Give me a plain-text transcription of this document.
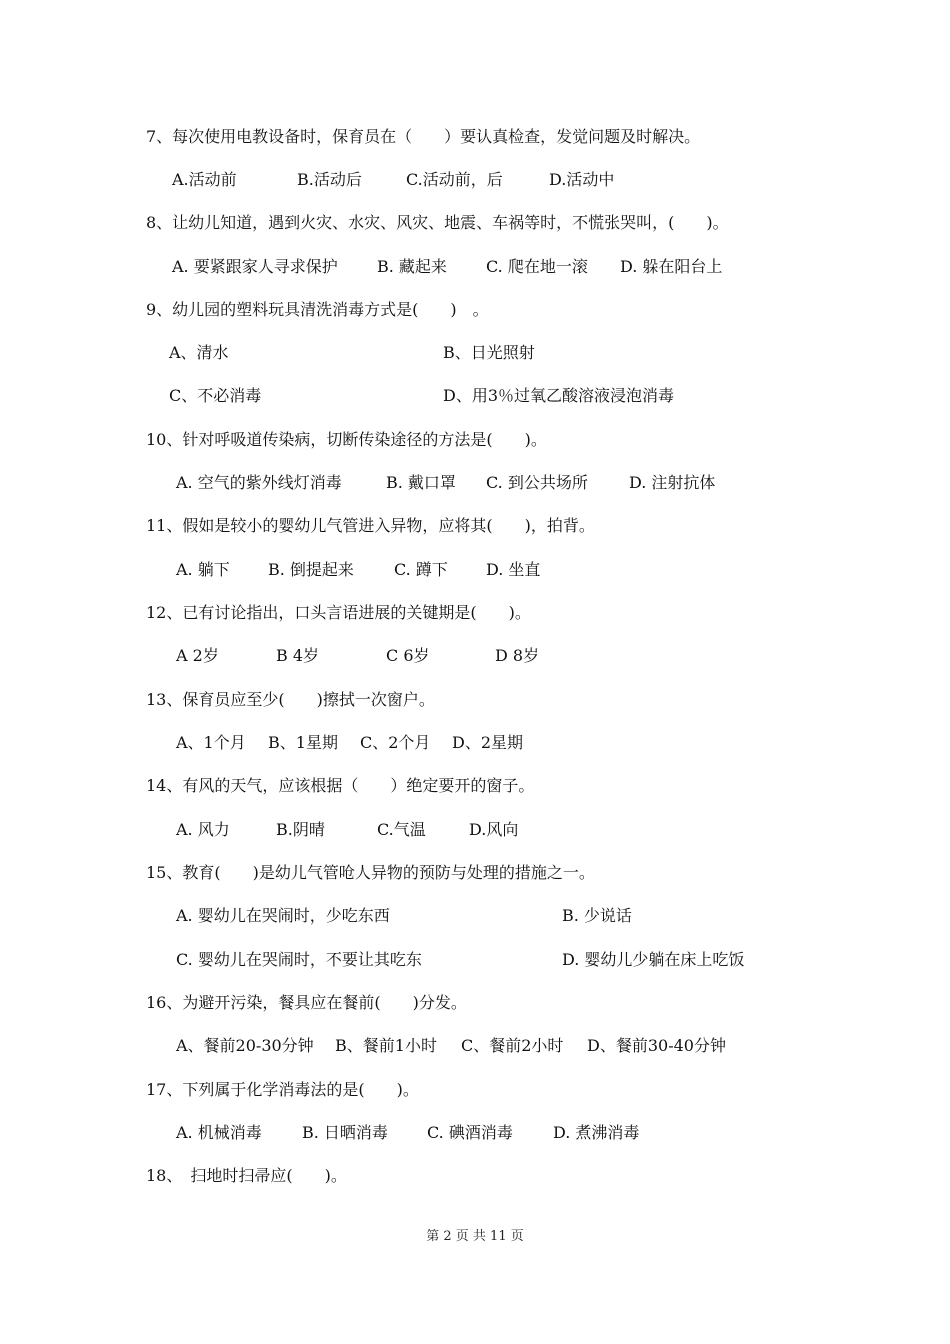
7、每次使用电教设备时，保育员在（　　）要认真检查，发觉问题及时解决。
A.活动前	B.活动后	C.活动前，后	D.活动中
8、让幼儿知道，遇到火灾、水灾、风灾、地震、车祸等时，不慌张哭叫，(　　)。
A. 要紧跟家人寻求保护 B. 藏起来 C. 爬在地一滚 D. 躲在阳台上
9、幼儿园的塑料玩具清洗消毒方式是(　　)　。
A、清水	B、日光照射
C、不必消毒	D、用3％过氧乙酸溶液浸泡消毒
10、针对呼吸道传染病，切断传染途径的方法是(　　)。
A. 空气的紫外线灯消毒	B. 戴口罩 C. 到公共场所	D. 注射抗体
11、假如是较小的婴幼儿气管进入异物，应将其(　　)，拍背。
A. 躺下 B. 倒提起来	C. 蹲下 D. 坐直
12、已有讨论指出，口头言语进展的关键期是(　　)。
A 2岁	B 4岁	C 6岁	D 8岁
13、保育员应至少(　　)擦拭一次窗户。
A、1个月 B、1星期 C、2个月 D、2星期
14、有风的天气，应该根据（　　）绝定要开的窗子。
A. 风力	B.阴晴	C.气温	D.风向
15、教育(　　)是幼儿气管呛人异物的预防与处理的措施之一。
A. 婴幼儿在哭闹时，少吃东西	B. 少说话
C. 婴幼儿在哭闹时，不要让其吃东	D. 婴幼儿少躺在床上吃饭
16、为避开污染，餐具应在餐前(　　)分发。
A、餐前20-30分钟 B、餐前1小时 C、餐前2小时 D、餐前30-40分钟
17、下列属于化学消毒法的是(　　)。
A. 机械消毒	B. 日晒消毒 C. 碘酒消毒	D. 煮沸消毒
18、　扫地时扫帚应(　　)。
第 2 页 共 11 页
